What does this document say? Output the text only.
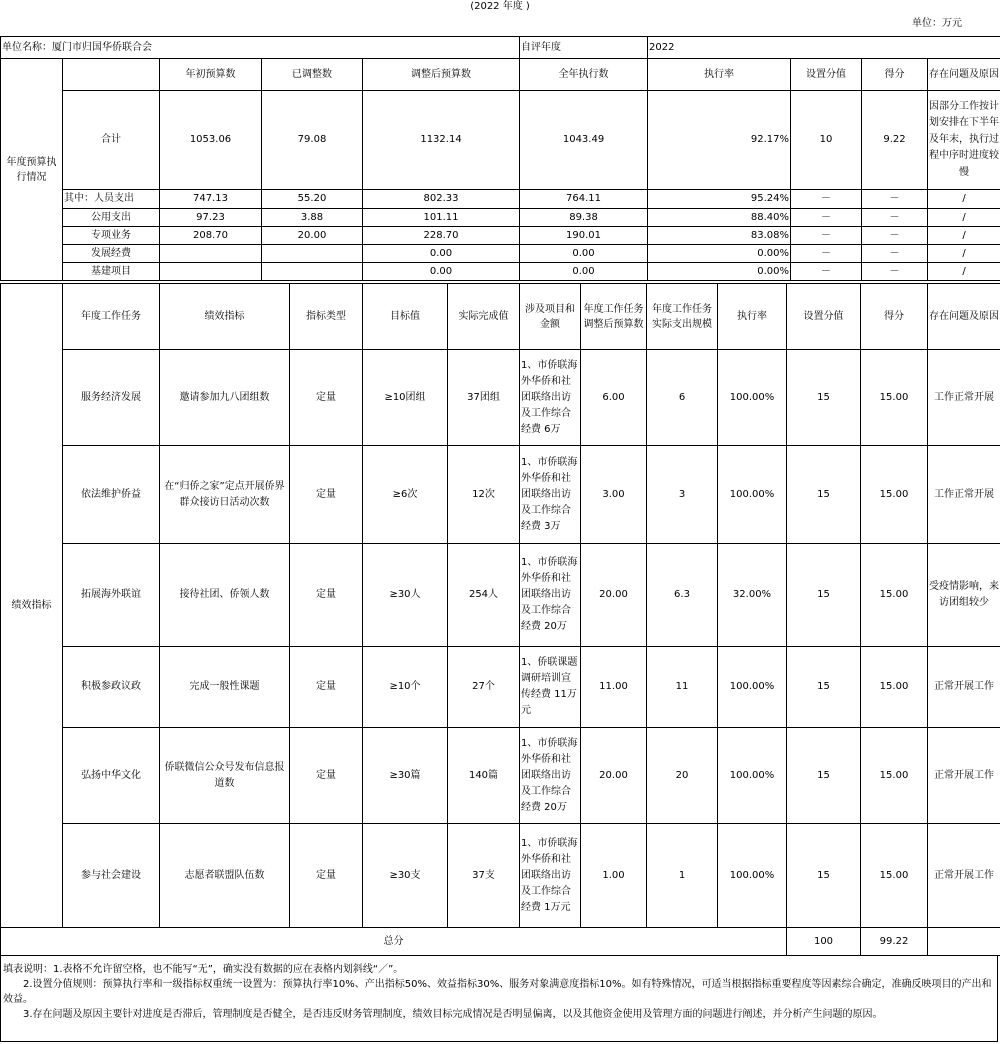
(2022 年度 )
	单位：万元
单位名称：厦门市归国华侨联合会					自评年度	2022			
年度预算执行情况		年初预算数	已调整数	调整后预算数	全年执行数	执行率	设置分值	得分	存在问题及原因
	合计	1053.06	79.08	1132.14	1043.49	92.17%	10	9.22	因部分工作按计划安排在下半年及年末，执行过程中序时进度较慢
	其中：人员支出	747.13	55.20	802.33	764.11	95.24%	－	－	/
	公用支出	97.23	3.88	101.11	89.38	88.40%	－	－	/
	专项业务	208.70	20.00	228.70	190.01	83.08%	－	－	/
	发展经费			0.00	0.00	0.00%	－	－	/
	基建项目			0.00	0.00	0.00%	－	－	/
绩效指标	年度工作任务	绩效指标	指标类型	目标值	实际完成值	涉及项目和金额	年度工作任务调整后预算数	年度工作任务实际支出规模	执行率	设置分值	得分	存在问题及原因
	服务经济发展	邀请参加九八团组数	定量	≥10团组	37团组	1、市侨联海外华侨和社团联络出访及工作综合经费 6万	6.00	6	100.00%	15	15.00	工作正常开展
	依法维护侨益	在“归侨之家”定点开展侨界群众接访日活动次数	定量	≥6次	12次	1、市侨联海外华侨和社团联络出访及工作综合经费 3万	3.00	3	100.00%	15	15.00	工作正常开展
	拓展海外联谊	接待社团、侨领人数	定量	≥30人	254人	1、市侨联海外华侨和社团联络出访及工作综合经费 20万	20.00	6.3	32.00%	15	15.00	受疫情影响，来访团组较少
	积极参政议政	完成一般性课题	定量	≥10个	27个	1、侨联课题调研培训宣传经费 11万元	11.00	11	100.00%	15	15.00	正常开展工作
	弘扬中华文化	侨联微信公众号发布信息报道数	定量	≥30篇	140篇	1、市侨联海外华侨和社团联络出访及工作综合经费 20万	20.00	20	100.00%	15	15.00	正常开展工作
	参与社会建设	志愿者联盟队伍数	定量	≥30支	37支	1、市侨联海外华侨和社团联络出访及工作综合经费 1万元	1.00	1	100.00%	15	15.00	正常开展工作
总分										100	99.22	

填表说明：1.表格不允许留空格，也不能写“无”，确实没有数据的应在表格内划斜线“／”。

2.设置分值规则：预算执行率和一级指标权重统一设置为：预算执行率10%、产出指标50%、效益指标30%、服务对象满意度指标10%。如有特殊情况，可适当根据指标重要程度等因素综合确定，准确反映项目的产出和效益。

3.存在问题及原因主要针对进度是否滞后，管理制度是否健全，是否违反财务管理制度，绩效目标完成情况是否明显偏离，以及其他资金使用及管理方面的问题进行阐述，并分析产生问题的原因。
